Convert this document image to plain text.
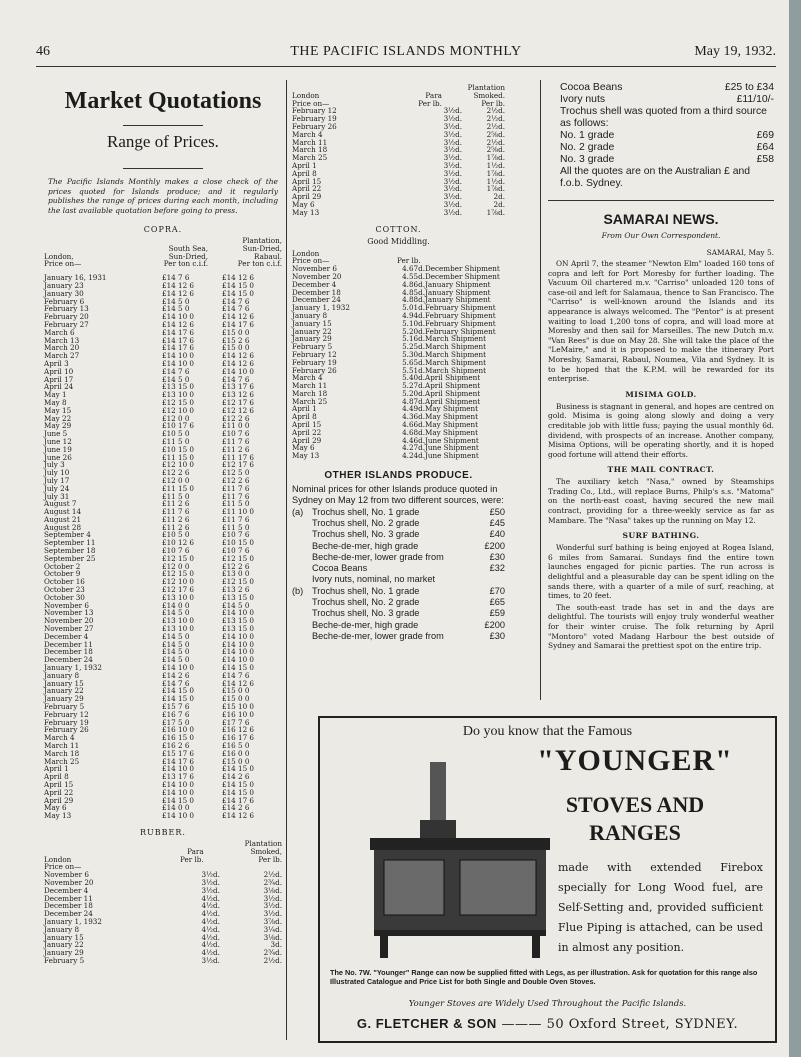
46	THE PACIFIC ISLANDS MONTHLY	May 19, 1932.
Market Quotations
Range of Prices.
The Pacific Islands Monthly makes a close check of the prices quoted for Islands produce; and it regularly publishes the range of prices during each month, including the last available quotation before going to press.
COPRA.
		Plantation,
	South Sea,	Sun-Dried,
London,	Sun-Dried,	Rabaul.
Price on—	Per ton c.i.f.	Per ton c.i.f.
January 16, 1931	£14 7 6	£14 12 6
January 23	£14 12 6	£14 15 0
January 30	£14 12 6	£14 15 0
February 6	£14 5 0	£14 7 6
February 13	£14 5 0	£14 7 6
February 20	£14 10 0	£14 12 6
February 27	£14 12 6	£14 17 6
March 6	£14 17 6	£15 0 0
March 13	£14 17 6	£15 2 6
March 20	£14 17 6	£15 0 0
March 27	£14 10 0	£14 12 6
April 3	£14 10 0	£14 12 6
April 10	£14 7 6	£14 10 0
April 17	£14 5 0	£14 7 6
April 24	£13 15 0	£13 17 6
May 1	£13 10 0	£13 12 6
May 8	£12 15 0	£12 17 6
May 15	£12 10 0	£12 12 6
May 22	£12 0 0	£12 2 6
May 29	£10 17 6	£11 0 0
June 5	£10 5 0	£10 7 6
June 12	£11 5 0	£11 7 6
June 19	£10 15 0	£11 2 6
June 26	£11 15 0	£11 17 6
July 3	£12 10 0	£12 17 6
July 10	£12 2 6	£12 5 0
July 17	£12 0 0	£12 2 6
July 24	£11 15 0	£11 7 6
July 31	£11 5 0	£11 7 6
August 7	£11 2 6	£11 5 0
August 14	£11 7 6	£11 10 0
August 21	£11 2 6	£11 7 6
August 28	£11 2 6	£11 5 0
September 4	£10 5 0	£10 7 6
September 11	£10 12 6	£10 15 0
September 18	£10 7 6	£10 7 6
September 25	£12 15 0	£12 15 0
October 2	£12 0 0	£12 2 6
October 9	£12 15 0	£13 0 0
October 16	£12 10 0	£12 15 0
October 23	£12 17 6	£13 2 6
October 30	£13 10 0	£13 15 0
November 6	£14 0 0	£14 5 0
November 13	£14 5 0	£14 10 0
November 20	£13 10 0	£13 15 0
November 27	£13 10 0	£13 15 0
December 4	£14 5 0	£14 10 0
December 11	£14 5 0	£14 10 0
December 18	£14 5 0	£14 10 0
December 24	£14 5 0	£14 10 0
January 1, 1932	£14 10 0	£14 15 0
January 8	£14 2 6	£14 7 6
January 15	£14 7 6	£14 12 6
January 22	£14 15 0	£15 0 0
January 29	£14 15 0	£15 0 0
February 5	£15 7 6	£15 10 0
February 12	£16 7 6	£16 10 0
February 19	£17 5 0	£17 7 6
February 26	£16 10 0	£16 12 6
March 4	£16 15 0	£16 17 6
March 11	£16 2 6	£16 5 0
March 18	£15 17 6	£16 0 0
March 25	£14 17 6	£15 0 0
April 1	£14 10 0	£14 15 0
April 8	£13 17 6	£14 2 6
April 15	£14 10 0	£14 15 0
April 22	£14 10 0	£14 15 0
April 29	£14 15 0	£14 17 6
May 6	£14 0 0	£14 2 6
May 13	£14 10 0	£14 12 6
RUBBER.
		Plantation
	Para	Smoked,
London	Per lb.	Per lb.
Price on—		
November 6	3½d.	2½d.
November 20	3½d.	2¾d.
December 4	3½d.	3⅛d.
December 11	4½d.	3½d.
December 18	4½d.	3½d.
December 24	4½d.	3½d.
January 1, 1932	4½d.	3⅞d.
January 8	4½d.	3¼d.
January 15	4½d.	3⅛d.
January 22	4½d.	3d.
January 29	4½d.	2¾d.
February 5	3½d.	2½d.
		Plantation
London	Para	Smoked.
Price on—	Per lb.	Per lb.
February 12	3½d.	2½d.
February 19	3½d.	2½d.
February 26	3½d.	2½d.
March 4	3½d.	2⅝d.
March 11	3½d.	2½d.
March 18	3½d.	2⅝d.
March 25	3½d.	1⅞d.
April 1	3½d.	1½d.
April 8	3½d.	1⅞d.
April 15	3½d.	1½d.
April 22	3½d.	1⅞d.
April 29	3½d.	2d.
May 6	3½d.	2d.
May 13	3½d.	1⅞d.
COTTON.
Good Middling.
London	
Price on—	Per lb.
November 6	4.67d.	December Shipment
November 20	4.55d.	December Shipment
December 4	4.86d.	January Shipment
December 18	4.85d.	January Shipment
December 24	4.88d.	January Shipment
January 1, 1932	5.01d.	February Shipment
January 8	4.94d.	February Shipment
January 15	5.10d.	February Shipment
January 22	5.20d.	February Shipment
January 29	5.16d.	March Shipment
February 5	5.25d.	March Shipment
February 12	5.30d.	March Shipment
February 19	5.65d.	March Shipment
February 26	5.51d.	March Shipment
March 4	5.40d.	April Shipment
March 11	5.27d.	April Shipment
March 18	5.20d.	April Shipment
March 25	4.87d.	April Shipment
April 1	4.49d.	May Shipment
April 8	4.36d.	May Shipment
April 15	4.66d.	May Shipment
April 22	4.68d.	May Shipment
April 29	4.46d.	June Shipment
May 6	4.27d.	June Shipment
May 13	4.24d.	June Shipment
OTHER ISLANDS PRODUCE.
Nominal prices for other Islands produce quoted in Sydney on May 12 from two different sources, were:
(a)	Trochus shell, No. 1 grade	£50
	Trochus shell, No. 2 grade	£45
	Trochus shell, No. 3 grade	£40
	Beche-de-mer, high grade	£200
	Beche-de-mer, lower grade from	£30
	Cocoa Beans	£32
Ivory nuts, nominal, no market
(b)	Trochus shell, No. 1 grade	£70
	Trochus shell, No. 2 grade	£65
	Trochus shell, No. 3 grade	£59
	Beche-de-mer, high grade	£200
	Beche-de-mer, lower grade from	£30
Cocoa Beans	£25 to £34
Ivory nuts	£11/10/-
Trochus shell was quoted from a third source as follows:
No. 1 grade	£69
No. 2 grade	£64
No. 3 grade	£58
All the quotes are on the Australian £ and f.o.b. Sydney.
SAMARAI NEWS.
From Our Own Correspondent.
SAMARAI, May 5.

ON April 7, the steamer "Newton Elm" loaded 160 tons of copra and left for Port Moresby for further loading. The Vacuum Oil chartered m.v. "Carriso" unloaded 120 tons of case-oil and left for Salamaua, thence to San Francisco. The "Carriso" is well-known around the Islands and its appearance is always welcomed. The "Pentor" is at present waiting to load 1,200 tons of copra, and will load more at Moresby and then sail for Marseilles. The new Dutch m.v. "Van Rees" is due on May 28. She will take the place of the "LeMaire," and it is proposed to make the itinerary Port Moresby, Samarai, Rabaul, Noumea, Vila and Sydney. It is to be hoped that the K.P.M. will be rewarded for its enterprise.

MISIMA GOLD.

Business is stagnant in general, and hopes are centred on gold. Misima is going along slowly and doing a very creditable job with little fuss; paying the usual monthly 6d. dividend, with prospects of an increase. Another company, Misima Options, will be operating shortly, and it is hoped good fortune will attend their efforts.

THE MAIL CONTRACT.

The auxiliary ketch "Nasa," owned by Steamships Trading Co., Ltd., will replace Burns, Philp's s.s. "Matoma" on the north-east coast, having secured the new mail contract, providing for a three-weekly service as far as Mambare. The "Nasa" takes up the running on May 12.

SURF BATHING.

Wonderful surf bathing is being enjoyed at Rogea Island, 6 miles from Samarai. Sundays find the entire town launches engaged for picnic parties. The run across is delightful and a pleasurable day can be spent idling on the sands there, with a quarter of a mile of surf, reaching, at times, to 20 feet.

The south-east trade has set in and the days are delightful. The tourists will enjoy truly wonderful weather for their winter cruise. The folk returning by April "Montoro" voted Madang Harbour the best outside of Sydney and Samarai the prettiest spot on the entire trip.

Do you know that the Famous
"YOUNGER"
STOVES AND
RANGES
made with extended Firebox specially for Long Wood fuel, are Self-Setting and, provided sufficient Flue Piping is attached, can be used in almost any position.
The No. 7W. "Younger" Range can now be supplied fitted with Legs, as per illustration. Ask for quotation for this range also Illustrated Catalogue and Price List for both Single and Double Oven Stoves.
Younger Stoves are Widely Used Throughout the Pacific Islands.
G. FLETCHER & SON ——— 50 Oxford Street, SYDNEY.
